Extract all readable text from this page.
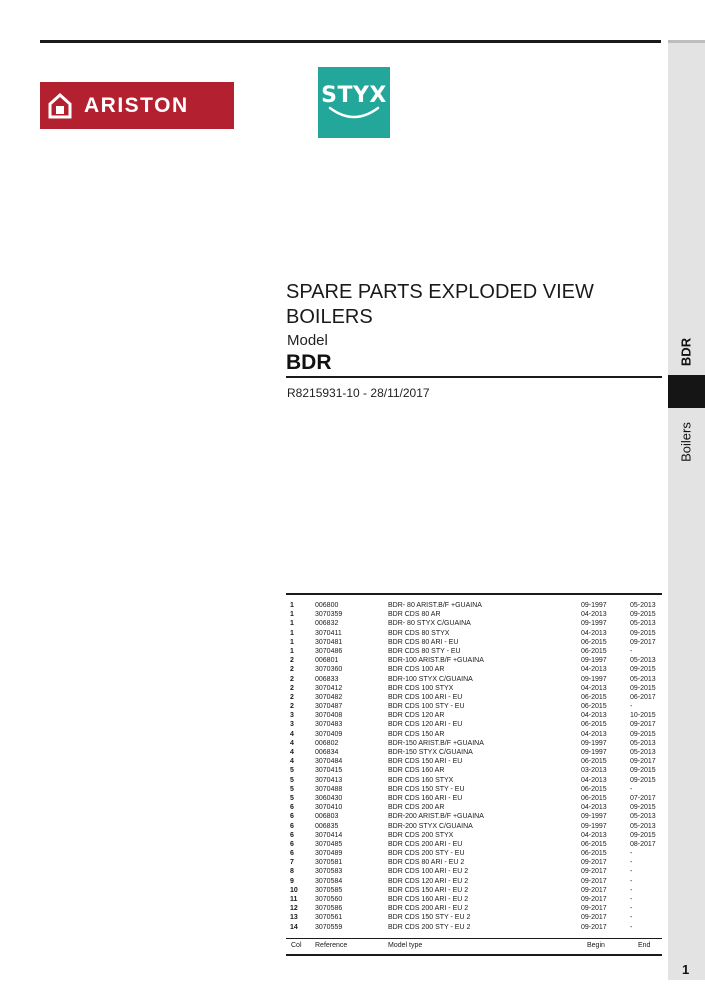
BDR
Boilers
ARISTON	STYX
SPARE PARTS EXPLODED VIEW
BOILERS
Model
BDR
R8215931-10 - 28/11/2017
1	006800	BDR- 80 ARIST.B/F +GUAINA	09-1997	05-2013
1	3070359	BDR CDS 80 AR	04-2013	09-2015
1	006832	BDR- 80 STYX C/GUAINA	09-1997	05-2013
1	3070411	BDR CDS 80 STYX	04-2013	09-2015
1	3070481	BDR CDS 80 ARI - EU	06-2015	09-2017
1	3070486	BDR CDS 80 STY - EU	06-2015	-
2	006801	BDR-100 ARIST.B/F +GUAINA	09-1997	05-2013
2	3070360	BDR CDS 100 AR	04-2013	09-2015
2	006833	BDR-100 STYX C/GUAINA	09-1997	05-2013
2	3070412	BDR CDS 100 STYX	04-2013	09-2015
2	3070482	BDR CDS 100 ARI - EU	06-2015	06-2017
2	3070487	BDR CDS 100 STY - EU	06-2015	-
3	3070408	BDR CDS 120 AR	04-2013	10-2015
3	3070483	BDR CDS 120 ARI - EU	06-2015	09-2017
4	3070409	BDR CDS 150 AR	04-2013	09-2015
4	006802	BDR-150 ARIST.B/F +GUAINA	09-1997	05-2013
4	006834	BDR-150 STYX C/GUAINA	09-1997	05-2013
4	3070484	BDR CDS 150 ARI - EU	06-2015	09-2017
5	3070415	BDR CDS 160 AR	03-2013	09-2015
5	3070413	BDR CDS 160 STYX	04-2013	09-2015
5	3070488	BDR CDS 150 STY - EU	06-2015	-
5	3060430	BDR CDS 160 ARI - EU	06-2015	07-2017
6	3070410	BDR CDS 200 AR	04-2013	09-2015
6	006803	BDR-200 ARIST.B/F +GUAINA	09-1997	05-2013
6	006835	BDR-200 STYX C/GUAINA	09-1997	05-2013
6	3070414	BDR CDS 200 STYX	04-2013	09-2015
6	3070485	BDR CDS 200 ARI - EU	06-2015	08-2017
6	3070489	BDR CDS 200 STY - EU	06-2015	-
7	3070581	BDR CDS 80 ARI - EU 2	09-2017	-
8	3070583	BDR CDS 100 ARI - EU 2	09-2017	-
9	3070584	BDR CDS 120 ARI - EU 2	09-2017	-
10 3070585	BDR CDS 150 ARI - EU 2	09-2017	-
11	3070560	BDR CDS 160 ARI - EU 2	09-2017	-
12 3070586	BDR CDS 200 ARI - EU 2	09-2017	-
13 3070561	BDR CDS 150 STY - EU 2	09-2017	-
14 3070559	BDR CDS 200 STY - EU 2	09-2017	-
Col Reference	Model type	Begin	End
1
